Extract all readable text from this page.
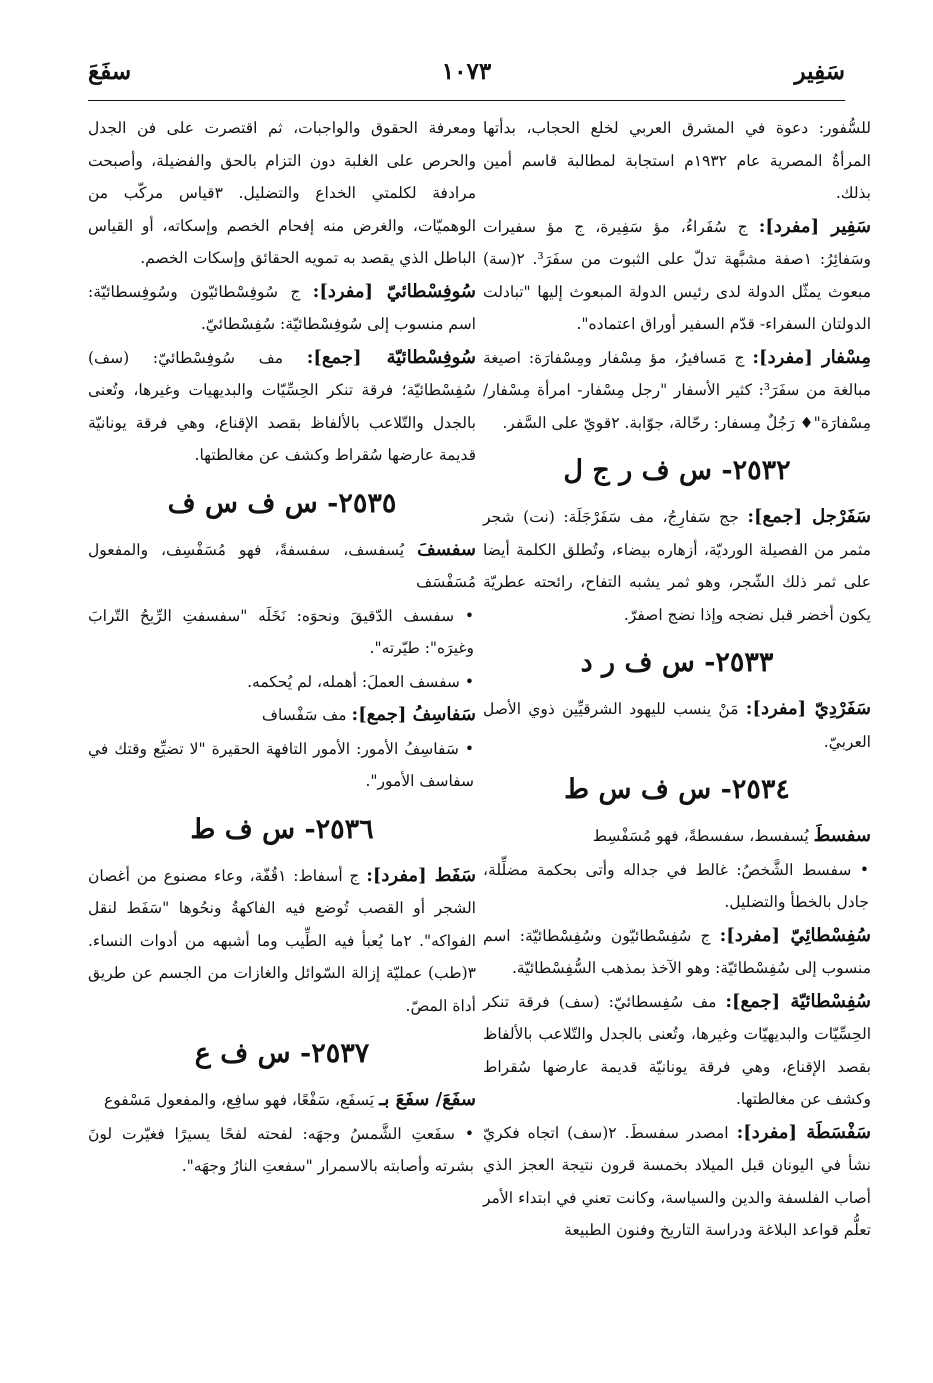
سَفِير
١٠٧٣
سفَعَ

للسُّفور: دعوة في المشرق العربي لخلع الحجاب، بدأتها المرأةُ المصرية عام ١٩٣٢م استجابة لمطالبة قاسم أمين بذلك.

سَفِير [مفرد]: ج سُفَراءُ، مؤ سَفِيرة، ج مؤ سفيرات وسَفائِرُ: ١صفة مشبَّهة تدلّ على الثبوت من سفَرَ³. ٢(سة) مبعوث يمثّل الدولة لدى رئيس الدولة المبعوث إليها "تبادلت الدولتان السفراء- قدّم السفير أوراق اعتماده".

مِسْفار [مفرد]: ج مَسافيرُ، مؤ مِسْفار ومِسْفارَة: اصيغة مبالغة من سفَرَ³: كثير الأسفار "رجل مِسْفار- امرأة مِسْفار/ مِسْفارَة"♦ رَجُلٌ مِسفار: رحّالة، جوّابة. ٢قويّ على السَّفر.

٢٥٣٢- س ف ر ج ل

سَفَرْجل [جمع]: جج سَفارِجُ، مف سَفَرْجَلَة: (نت) شجر مثمر من الفصيلة الورديّة، أزهاره بيضاء، وتُطلق الكلمة أيضا على ثمر ذلك الشّجر، وهو ثمر يشبه التفاح، رائحته عطريّة يكون أخضر قبل نضجه وإذا نضج اصفرّ.

٢٥٣٣- س ف ر د

سَفَرْدِيّ [مفرد]: مَنْ ينسب لليهود الشرقيِّين ذوي الأصل العربيّ.

٢٥٣٤- س ف س ط

سفسطَ يُسفسط، سفسطةً، فهو مُسَفْسِط

• سفسط الشَّخصُ: غالط في جداله وأتى بحكمة مضلِّلة، جادل بالخطأ والتضليل.

سُفِسْطائِيّ [مفرد]: ج سُفِسْطائيّون وسُفِسْطائيّة: اسم منسوب إلى سُفِسْطائيّة: وهو الآخذ بمذهب السُّفِسْطائيّة.

سُفِسْطائيّة [جمع]: مف سُفِسطائيّ: (سف) فرقة تنكر الحِسِّيّات والبديهيّات وغيرها، وتُعنى بالجدل والتّلاعب بالألفاظ بقصد الإقناع، وهي فرقة يونانيّة قديمة عارضها سُقراط وكشف عن مغالطتها.

سَفْسَطَة [مفرد]: امصدر سفسطَ. ٢(سف) اتجاه فكريّ نشأ في اليونان قبل الميلاد بخمسة قرون نتيجة العجز الذي أصاب الفلسفة والدين والسياسة، وكانت تعني في ابتداء الأمر تعلُّم قواعد البلاغة ودراسة التاريخ وفنون الطبيعة

ومعرفة الحقوق والواجبات، ثم اقتصرت على فن الجدل والحرص على الغلبة دون التزام بالحق والفضيلة، وأصبحت مرادفة لكلمتي الخداع والتضليل. ٣قياس مركّب من الوهميّات، والغرض منه إفحام الخصم وإسكاته، أو القياس الباطل الذي يقصد به تمويه الحقائق وإسكات الخصم.

سُوفِسْطائيّ [مفرد]: ج سُوفِسْطائيّون وسُوفِسطائيّة: اسم منسوب إلى سُوفِسْطائيّة: سُفِسْطائيّ.

سُوفِسْطائيّة [جمع]: مف سُوفِسْطائيّ: (سف) سُفِسْطائيّة؛ فرقة تنكر الحِسِّيّات والبديهيات وغيرها، وتُعنى بالجدل والتّلاعب بالألفاظ بقصد الإقناع، وهي فرقة يونانيّة قديمة عارضها سُقراط وكشف عن مغالطتها.

٢٥٣٥- س ف س ف

سفسفَ يُسفسف، سفسفةً، فهو مُسَفْسِف، والمفعول مُسَفْسَف

• سفسف الدّقيقَ ونحوَه: نَخَلَه "سفسفتِ الرِّيحُ التّرابَ وغيرَه": طيّرته".

• سفسف العملَ: أهمله، لم يُحكمه.

سَفاسِفُ [جمع]: مف سَفْساف

• سَفاسِفُ الأمور: الأمور التافهة الحقيرة "لا تضيِّع وقتك في سفاسف الأمور".

٢٥٣٦- س ف ط

سَفَط [مفرد]: ج أسفاط: ١قُفّة، وعاء مصنوع من أغصان الشجر أو القصب تُوضع فيه الفاكهةُ ونحُوها "سَفَط لنقل الفواكه". ٢ما يُعبأ فيه الطِّيب وما أشبهه من أدوات النساء. ٣(طب) عمليّة إزالة السّوائل والغازات من الجسم عن طريق أداة المصّ.

٢٥٣٧- س ف ع

سفَعَ/ سفَعَ بـ يَسفَع، سَفْعًا، فهو سافِع، والمفعول مَسْفوع

• سفَعتِ الشَّمسُ وجهَه: لفحته لفحًا يسيرًا فغيّرت لونَ بشرته وأصابته بالاسمرار "سفعتِ النارُ وجهَه".
